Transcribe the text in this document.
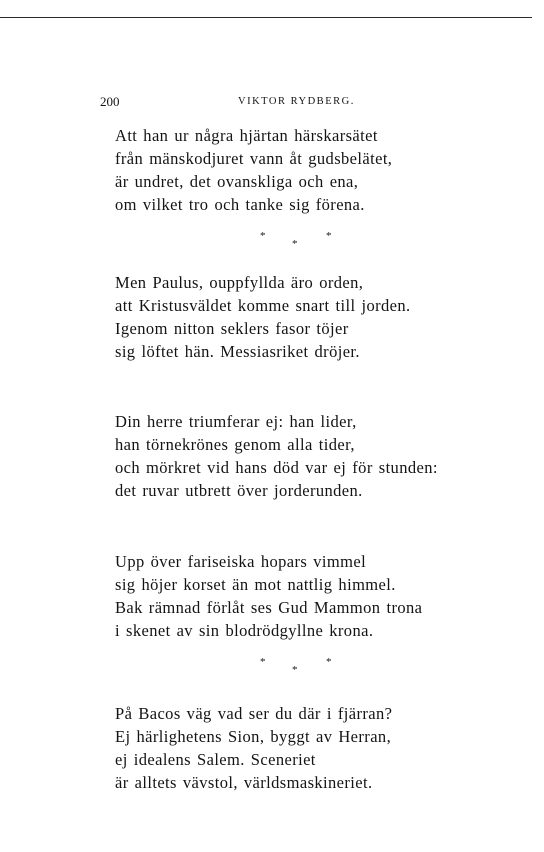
200	VIKTOR RYDBERG.
Att han ur några hjärtan härskarsätet
från mänskodjuret vann åt gudsbelätet,
är undret, det ovanskliga och ena,
om vilket tro och tanke sig förena.
*	*
*
Men Paulus, ouppfyllda äro orden,
att Kristusväldet komme snart till jorden.
Igenom nitton seklers fasor töjer
sig löftet hän. Messiasriket dröjer.
Din herre triumferar ej: han lider,
han törnekrönes genom alla tider,
och mörkret vid hans död var ej för stunden:
det ruvar utbrett över jorderunden.
Upp över fariseiska hopars vimmel
sig höjer korset än mot nattlig himmel.
Bak rämnad förlåt ses Gud Mammon trona
i skenet av sin blodrödgyllne krona.
*	*
*
På Bacos väg vad ser du där i fjärran?
Ej härlighetens Sion, byggt av Herran,
ej idealens Salem. Sceneriet
är alltets vävstol, världsmaskineriet.
